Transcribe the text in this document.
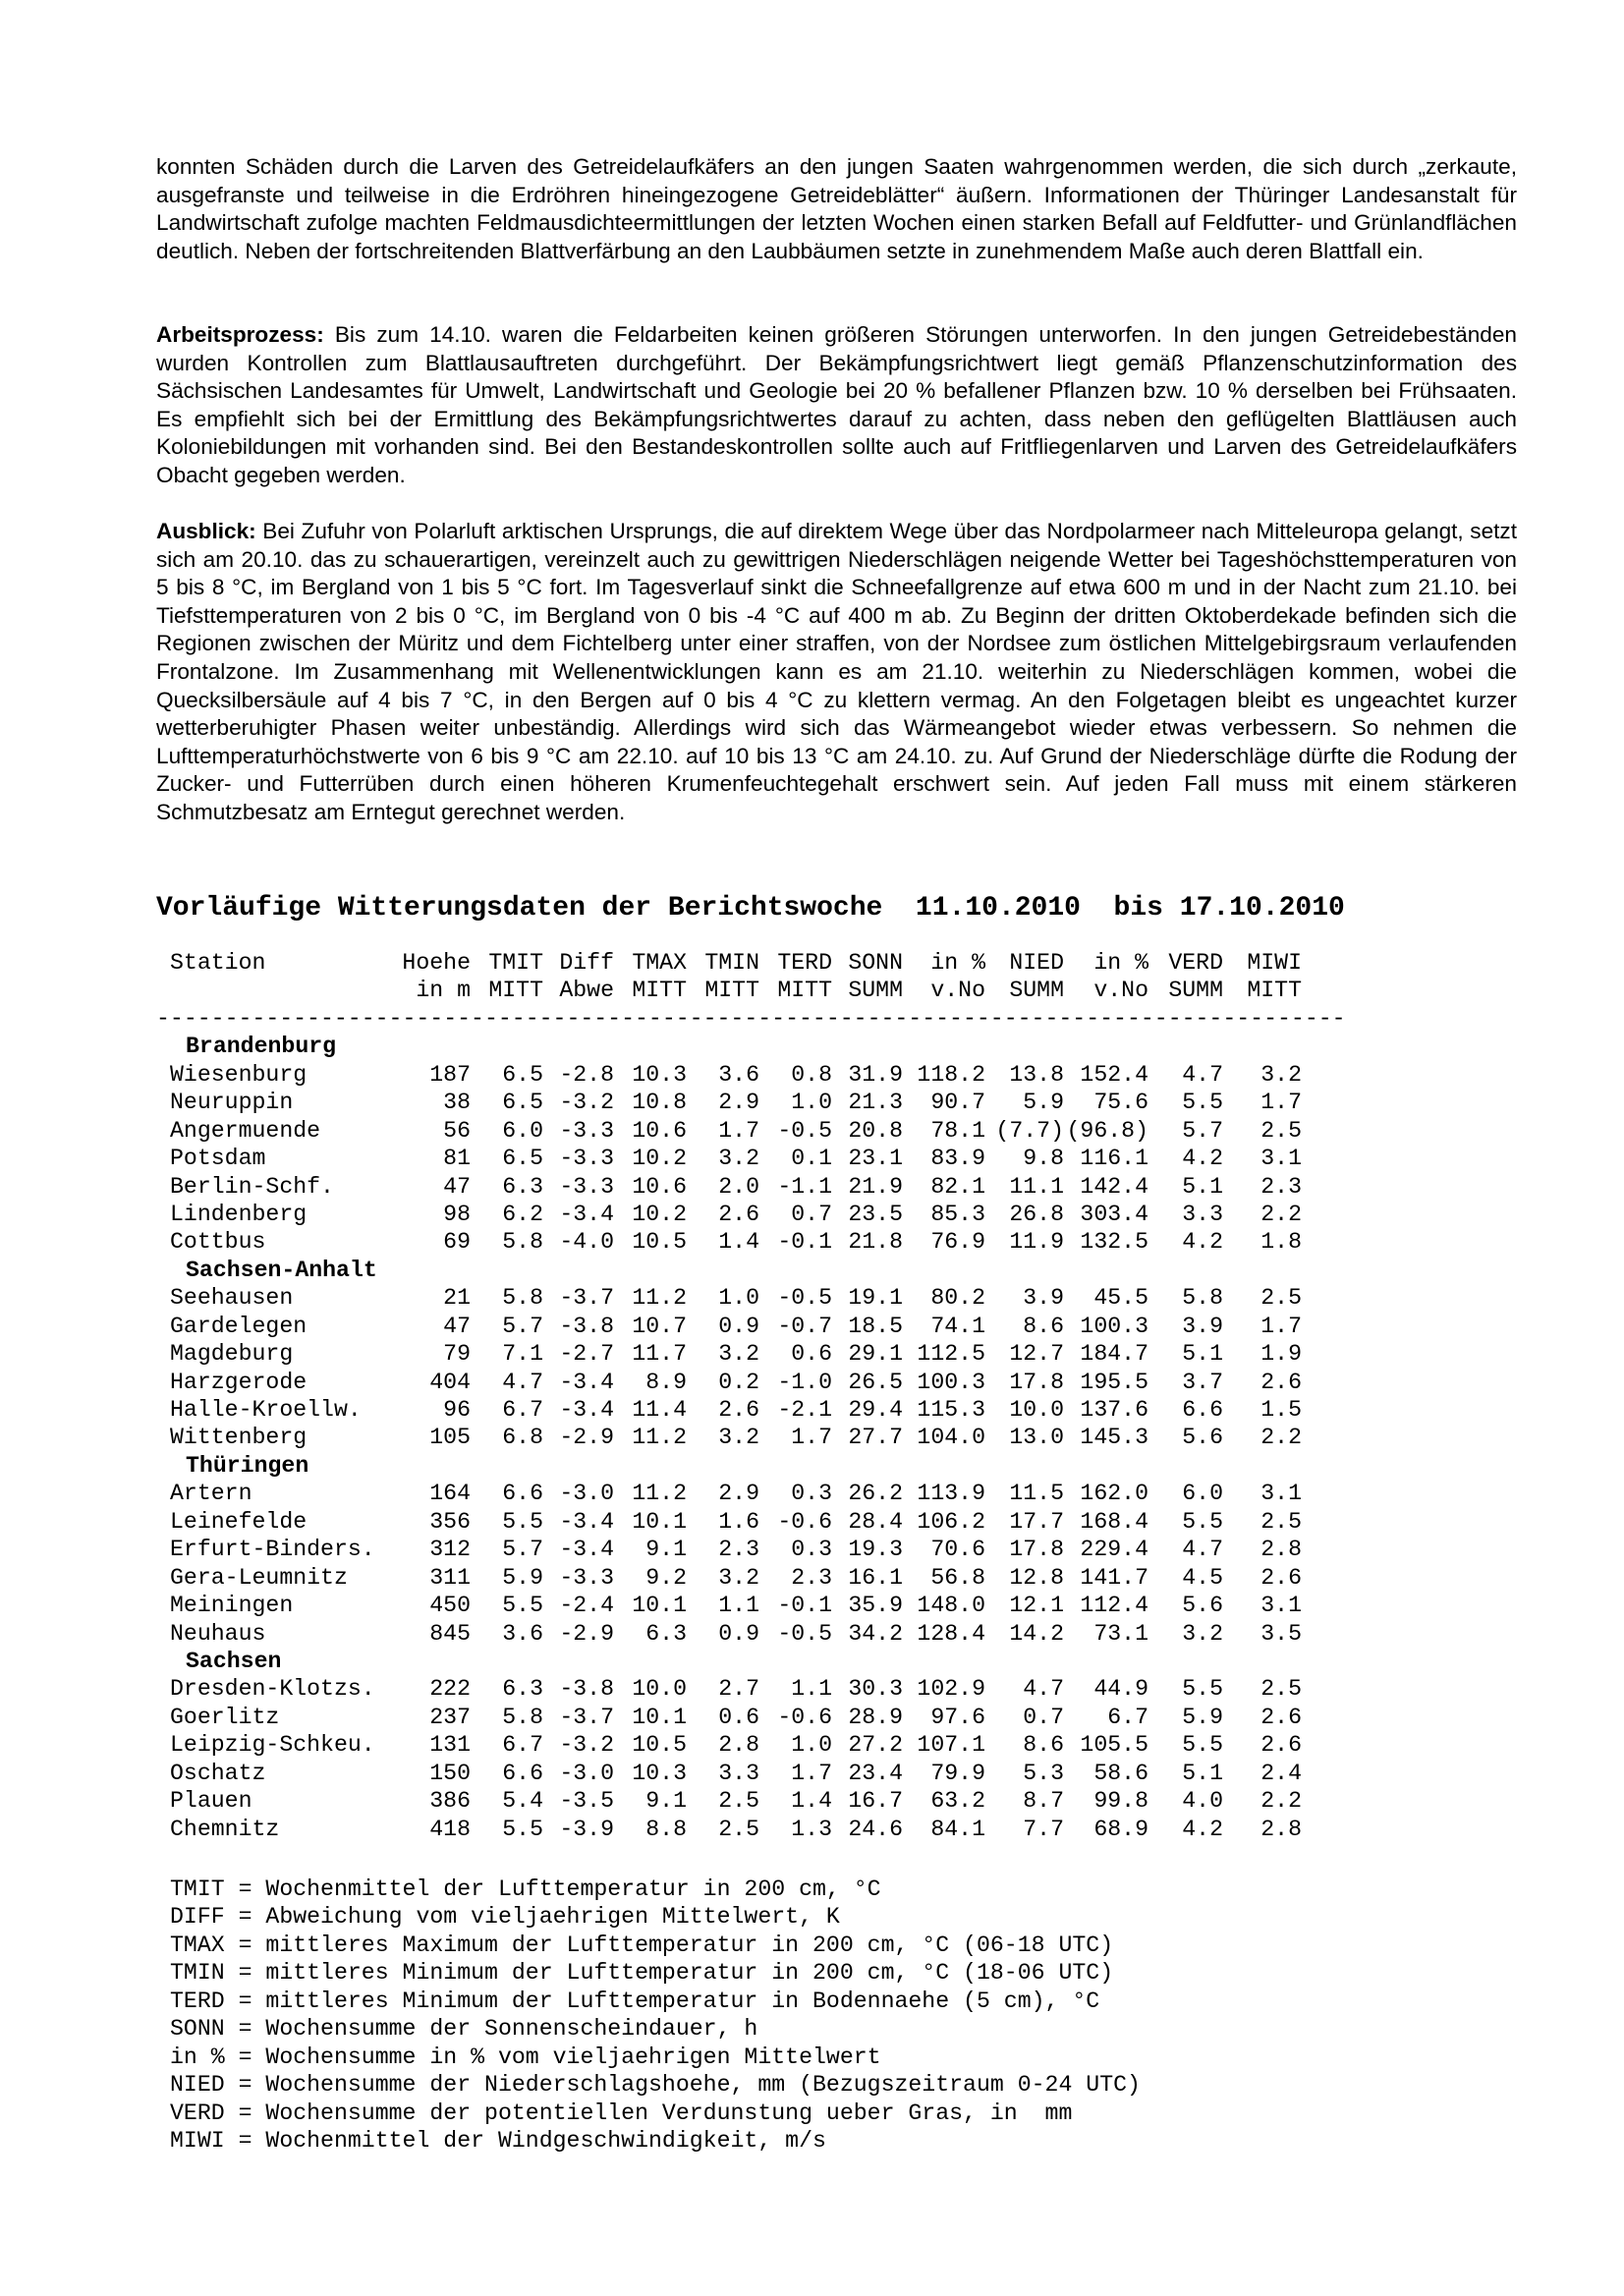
konnten Schäden durch die Larven des Getreidelaufkäfers an den jungen Saaten wahrgenommen werden, die sich durch „zerkaute, ausgefranste und teilweise in die Erdröhren hineingezogene Getreideblätter“ äußern. Informationen der Thüringer Landesanstalt für Landwirtschaft zufolge machten Feldmausdichteermittlungen der letzten Wochen einen starken Befall auf Feldfutter- und Grünlandflächen deutlich. Neben der fortschreitenden Blattverfärbung an den Laubbäumen setzte in zunehmendem Maße auch deren Blattfall ein.

Arbeitsprozess: Bis zum 14.10. waren die Feldarbeiten keinen größeren Störungen unterworfen. In den jungen Getreidebeständen wurden Kontrollen zum Blattlausauftreten durchgeführt. Der Bekämpfungsrichtwert liegt gemäß Pflanzenschutzinformation des Sächsischen Landesamtes für Umwelt, Landwirtschaft und Geologie bei 20 % befallener Pflanzen bzw. 10 % derselben bei Frühsaaten. Es empfiehlt sich bei der Ermittlung des Bekämpfungsrichtwertes darauf zu achten, dass neben den geflügelten Blattläusen auch Koloniebildungen mit vorhanden sind. Bei den Bestandeskontrollen sollte auch auf Fritfliegenlarven und Larven des Getreidelaufkäfers Obacht gegeben werden.

Ausblick: Bei Zufuhr von Polarluft arktischen Ursprungs, die auf direktem Wege über das Nordpolarmeer nach Mitteleuropa gelangt, setzt sich am 20.10. das zu schauerartigen, vereinzelt auch zu gewittrigen Niederschlägen neigende Wetter bei Tageshöchsttemperaturen von 5 bis 8 °C, im Bergland von 1 bis 5 °C fort. Im Tagesverlauf sinkt die Schneefallgrenze auf etwa 600 m und in der Nacht zum 21.10. bei Tiefsttemperaturen von 2 bis 0 °C, im Bergland von 0 bis -4 °C auf 400 m ab. Zu Beginn der dritten Oktoberdekade befinden sich die Regionen zwischen der Müritz und dem Fichtelberg unter einer straffen, von der Nordsee zum östlichen Mittelgebirgsraum verlaufenden Frontalzone. Im Zusammenhang mit Wellenentwicklungen kann es am 21.10. weiterhin zu Niederschlägen kommen, wobei die Quecksilbersäule auf 4 bis 7 °C, in den Bergen auf 0 bis 4 °C zu klettern vermag. An den Folgetagen bleibt es ungeachtet kurzer wetterberuhigter Phasen weiter unbeständig. Allerdings wird sich das Wärmeangebot wieder etwas verbessern. So nehmen die Lufttemperaturhöchstwerte von 6 bis 9 °C am 22.10. auf 10 bis 13 °C am 24.10. zu. Auf Grund der Niederschläge dürfte die Rodung der Zucker- und Futterrüben durch einen höheren Krumenfeuchtegehalt erschwert sein. Auf jeden Fall muss mit einem stärkeren Schmutzbesatz am Erntegut gerechnet werden.

Vorläufige Witterungsdaten der Berichtswoche  11.10.2010  bis 17.10.2010
Station	Hoehe TMIT Diff TMAX TMIN TERD SONN	in %	NIED	in % VERD	MIWI
in m MITT Abwe MITT MITT MITT SUMM	v.No	SUMM	v.No SUMM	MITT
---------------------------------------------------------------------------------------
Brandenburg
Wiesenburg	187	6.5 -2.8 10.3	3.6	0.8 31.9 118.2	13.8 152.4	4.7	3.2
Neuruppin	38	6.5 -3.2 10.8	2.9	1.0 21.3	90.7	5.9	75.6	5.5	1.7
Angermuende	56	6.0 -3.3 10.6	1.7 -0.5 20.8	78.1 (7.7) (96.8)	5.7	2.5
Potsdam	81	6.5 -3.3 10.2	3.2	0.1 23.1	83.9	9.8 116.1	4.2	3.1
Berlin-Schf.	47	6.3 -3.3 10.6	2.0 -1.1 21.9	82.1	11.1 142.4	5.1	2.3
Lindenberg	98	6.2 -3.4 10.2	2.6	0.7 23.5	85.3	26.8 303.4	3.3	2.2
Cottbus	69	5.8 -4.0 10.5	1.4 -0.1 21.8	76.9	11.9 132.5	4.2	1.8
Sachsen-Anhalt
Seehausen	21	5.8 -3.7 11.2	1.0 -0.5 19.1	80.2	3.9	45.5	5.8	2.5
Gardelegen	47	5.7 -3.8 10.7	0.9 -0.7 18.5	74.1	8.6 100.3	3.9	1.7
Magdeburg	79	7.1 -2.7 11.7	3.2	0.6 29.1 112.5	12.7 184.7	5.1	1.9
Harzgerode	404	4.7 -3.4	8.9	0.2 -1.0 26.5 100.3	17.8 195.5	3.7	2.6
Halle-Kroellw.	96	6.7 -3.4 11.4	2.6 -2.1 29.4 115.3	10.0 137.6	6.6	1.5
Wittenberg	105	6.8 -2.9 11.2	3.2	1.7 27.7 104.0	13.0 145.3	5.6	2.2
Thüringen
Artern	164	6.6 -3.0 11.2	2.9	0.3 26.2 113.9	11.5 162.0	6.0	3.1
Leinefelde	356	5.5 -3.4 10.1	1.6 -0.6 28.4 106.2	17.7 168.4	5.5	2.5
Erfurt-Binders.	312	5.7 -3.4	9.1	2.3	0.3 19.3	70.6	17.8 229.4	4.7	2.8
Gera-Leumnitz	311	5.9 -3.3	9.2	3.2	2.3 16.1	56.8	12.8 141.7	4.5	2.6
Meiningen	450	5.5 -2.4 10.1	1.1 -0.1 35.9 148.0	12.1 112.4	5.6	3.1
Neuhaus	845	3.6 -2.9	6.3	0.9 -0.5 34.2 128.4	14.2	73.1	3.2	3.5
Sachsen
Dresden-Klotzs.	222	6.3 -3.8 10.0	2.7	1.1 30.3 102.9	4.7	44.9	5.5	2.5
Goerlitz	237	5.8 -3.7 10.1	0.6 -0.6 28.9	97.6	0.7	6.7	5.9	2.6
Leipzig-Schkeu.	131	6.7 -3.2 10.5	2.8	1.0 27.2 107.1	8.6 105.5	5.5	2.6
Oschatz	150	6.6 -3.0 10.3	3.3	1.7 23.4	79.9	5.3	58.6	5.1	2.4
Plauen	386	5.4 -3.5	9.1	2.5	1.4 16.7	63.2	8.7	99.8	4.0	2.2
Chemnitz	418	5.5 -3.9	8.8	2.5	1.3 24.6	84.1	7.7	68.9	4.2	2.8
TMIT = Wochenmittel der Lufttemperatur in 200 cm, °C
DIFF = Abweichung vom vieljaehrigen Mittelwert, K
TMAX = mittleres Maximum der Lufttemperatur in 200 cm, °C (06-18 UTC)
TMIN = mittleres Minimum der Lufttemperatur in 200 cm, °C (18-06 UTC)
TERD = mittleres Minimum der Lufttemperatur in Bodennaehe (5 cm), °C
SONN = Wochensumme der Sonnenscheindauer, h
in % = Wochensumme in % vom vieljaehrigen Mittelwert
NIED = Wochensumme der Niederschlagshoehe, mm (Bezugszeitraum 0-24 UTC)
VERD = Wochensumme der potentiellen Verdunstung ueber Gras, in  mm
MIWI = Wochenmittel der Windgeschwindigkeit, m/s
